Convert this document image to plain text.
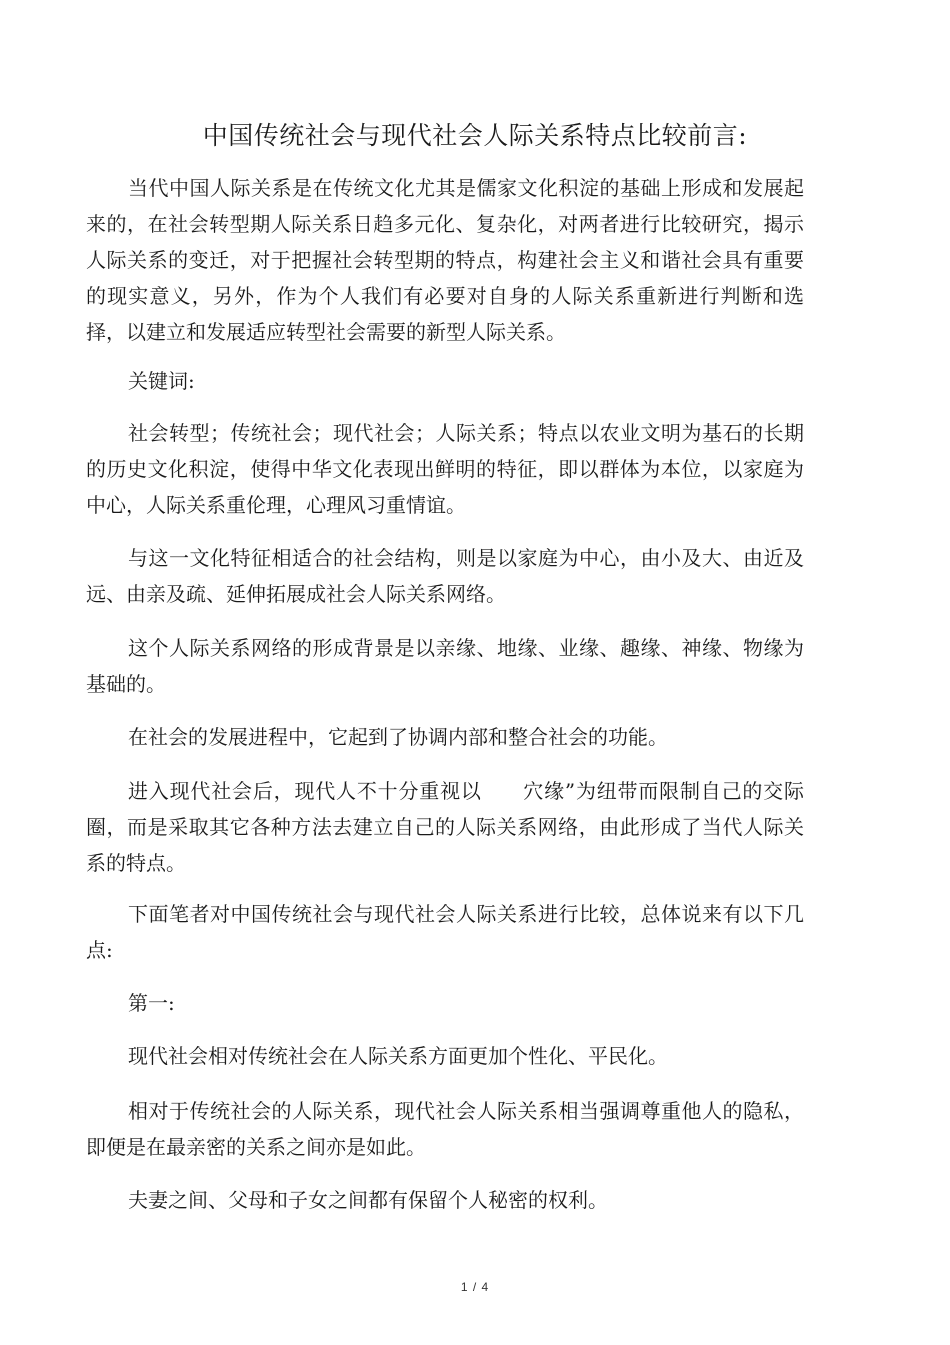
中国传统社会与现代社会人际关系特点比较前言:

当代中国人际关系是在传统文化尤其是儒家文化积淀的基础上形成和发展起来的，在社会转型期人际关系日趋多元化、复杂化，对两者进行比较研究，揭示人际关系的变迁，对于把握社会转型期的特点，构建社会主义和谐社会具有重要的现实意义，另外，作为个人我们有必要对自身的人际关系重新进行判断和选择，以建立和发展适应转型社会需要的新型人际关系。

关键词:

社会转型；传统社会；现代社会；人际关系；特点以农业文明为基石的长期的历史文化积淀，使得中华文化表现出鲜明的特征，即以群体为本位，以家庭为中心，人际关系重伦理，心理风习重情谊。

与这一文化特征相适合的社会结构，则是以家庭为中心，由小及大、由近及远、由亲及疏、延伸拓展成社会人际关系网络。

这个人际关系网络的形成背景是以亲缘、地缘、业缘、趣缘、神缘、物缘为基础的。

在社会的发展进程中，它起到了协调内部和整合社会的功能。

进入现代社会后，现代人不十分重视以　　穴缘”为纽带而限制自己的交际圈，而是采取其它各种方法去建立自己的人际关系网络，由此形成了当代人际关系的特点。

下面笔者对中国传统社会与现代社会人际关系进行比较，总体说来有以下几点:

第一:

现代社会相对传统社会在人际关系方面更加个性化、平民化。

相对于传统社会的人际关系，现代社会人际关系相当强调尊重他人的隐私，即便是在最亲密的关系之间亦是如此。

夫妻之间、父母和子女之间都有保留个人秘密的权利。

1 / 4
